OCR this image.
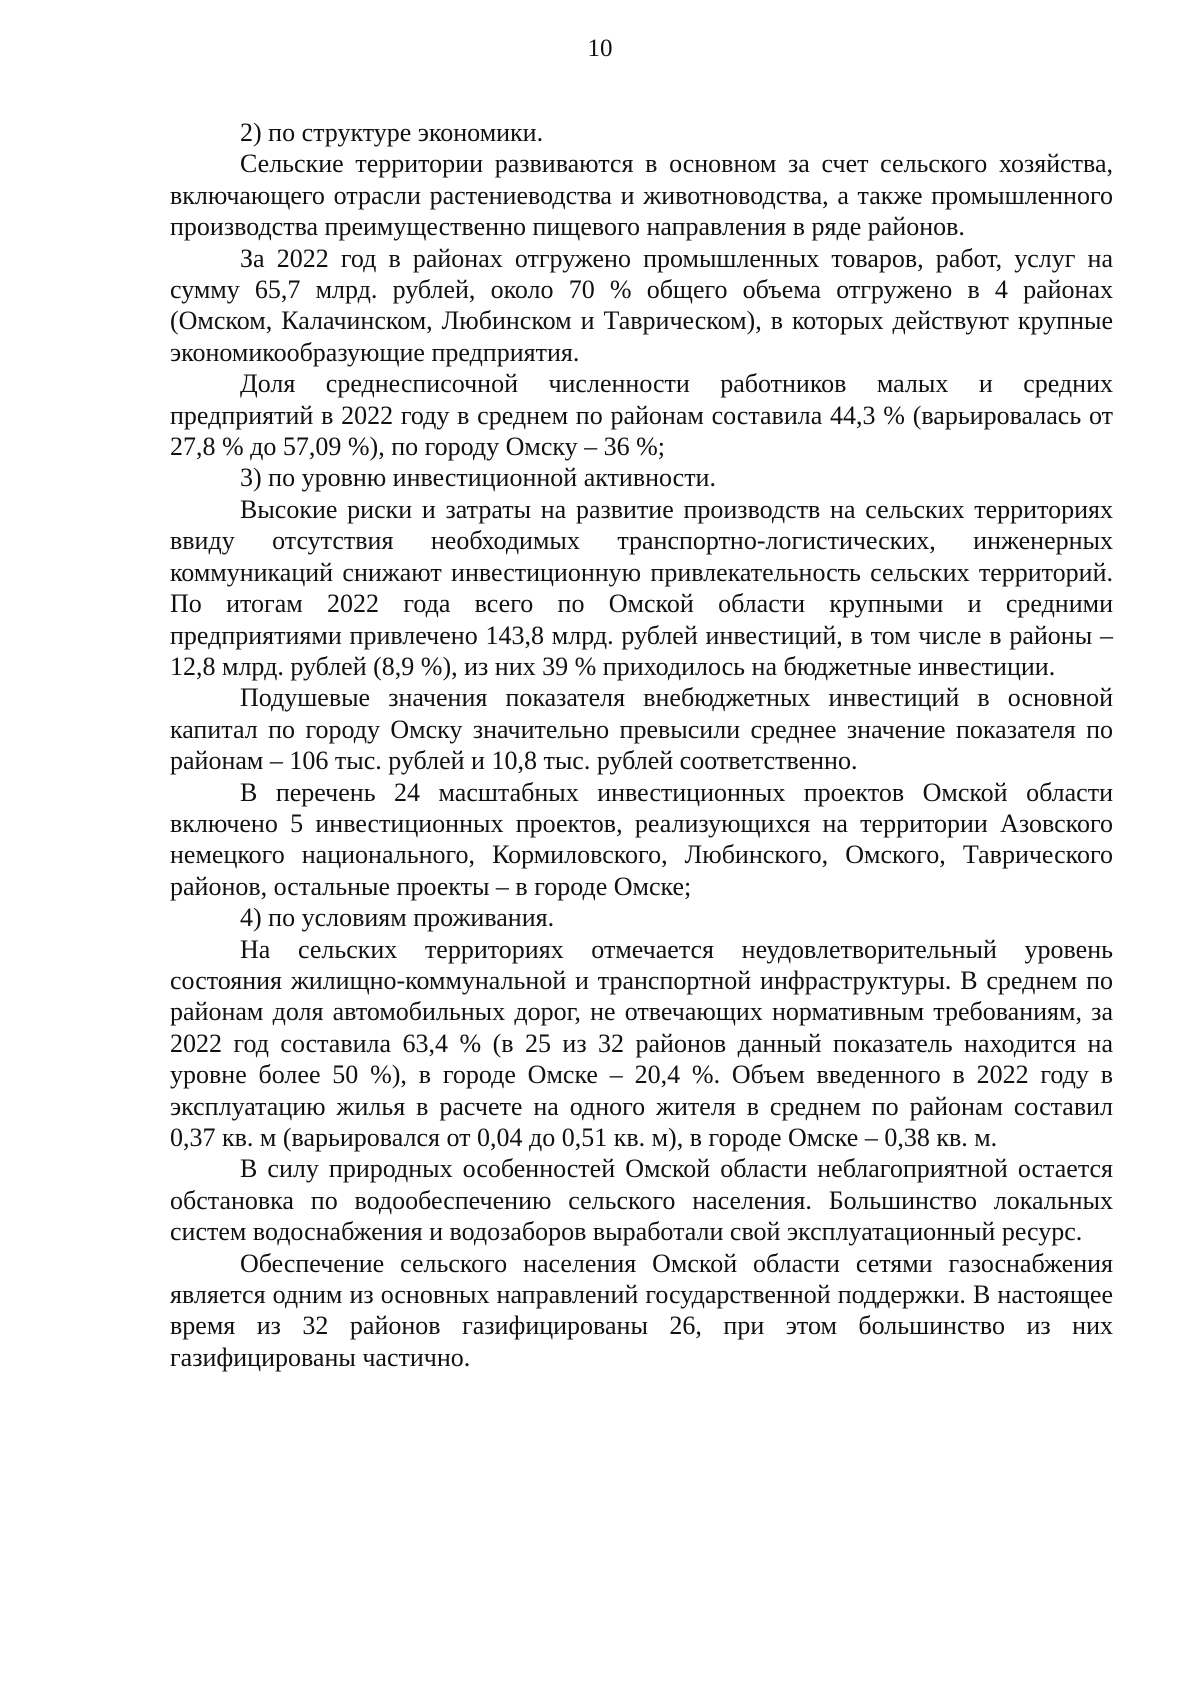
10

2) по структуре экономики.

Сельские территории развиваются в основном за счет сельского хозяйства, включающего отрасли растениеводства и животноводства, а также промышленного производства преимущественно пищевого направления в ряде районов.

За 2022 год в районах отгружено промышленных товаров, работ, услуг на сумму 65,7 млрд. рублей, около 70 % общего объема отгружено в 4 районах (Омском, Калачинском, Любинском и Таврическом), в которых действуют крупные экономикообразующие предприятия.

Доля среднесписочной численности работников малых и средних предприятий в 2022 году в среднем по районам составила 44,3 % (варьировалась от 27,8 % до 57,09 %), по городу Омску – 36 %;

3) по уровню инвестиционной активности.

Высокие риски и затраты на развитие производств на сельских территориях ввиду отсутствия необходимых транспортно-логистических, инженерных коммуникаций снижают инвестиционную привлекательность сельских территорий. По итогам 2022 года всего по Омской области крупными и средними предприятиями привлечено 143,8 млрд. рублей инвестиций, в том числе в районы – 12,8 млрд. рублей (8,9 %), из них 39 % приходилось на бюджетные инвестиции.

Подушевые значения показателя внебюджетных инвестиций в основной капитал по городу Омску значительно превысили среднее значение показателя по районам – 106 тыс. рублей и 10,8 тыс. рублей соответственно.

В перечень 24 масштабных инвестиционных проектов Омской области включено 5 инвестиционных проектов, реализующихся на территории Азовского немецкого национального, Кормиловского, Любинского, Омского, Таврического районов, остальные проекты – в городе Омске;

4) по условиям проживания.

На сельских территориях отмечается неудовлетворительный уровень состояния жилищно-коммунальной и транспортной инфраструктуры. В среднем по районам доля автомобильных дорог, не отвечающих нормативным требованиям, за 2022 год составила 63,4 % (в 25 из 32 районов данный показатель находится на уровне более 50 %), в городе Омске – 20,4 %. Объем введенного в 2022 году в эксплуатацию жилья в расчете на одного жителя в среднем по районам составил 0,37 кв. м (варьировался от 0,04 до 0,51 кв. м), в городе Омске – 0,38 кв. м.

В силу природных особенностей Омской области неблагоприятной остается обстановка по водообеспечению сельского населения. Большинство локальных систем водоснабжения и водозаборов выработали свой эксплуатационный ресурс.

Обеспечение сельского населения Омской области сетями газоснабжения является одним из основных направлений государственной поддержки. В настоящее время из 32 районов газифицированы 26, при этом большинство из них газифицированы частично.
